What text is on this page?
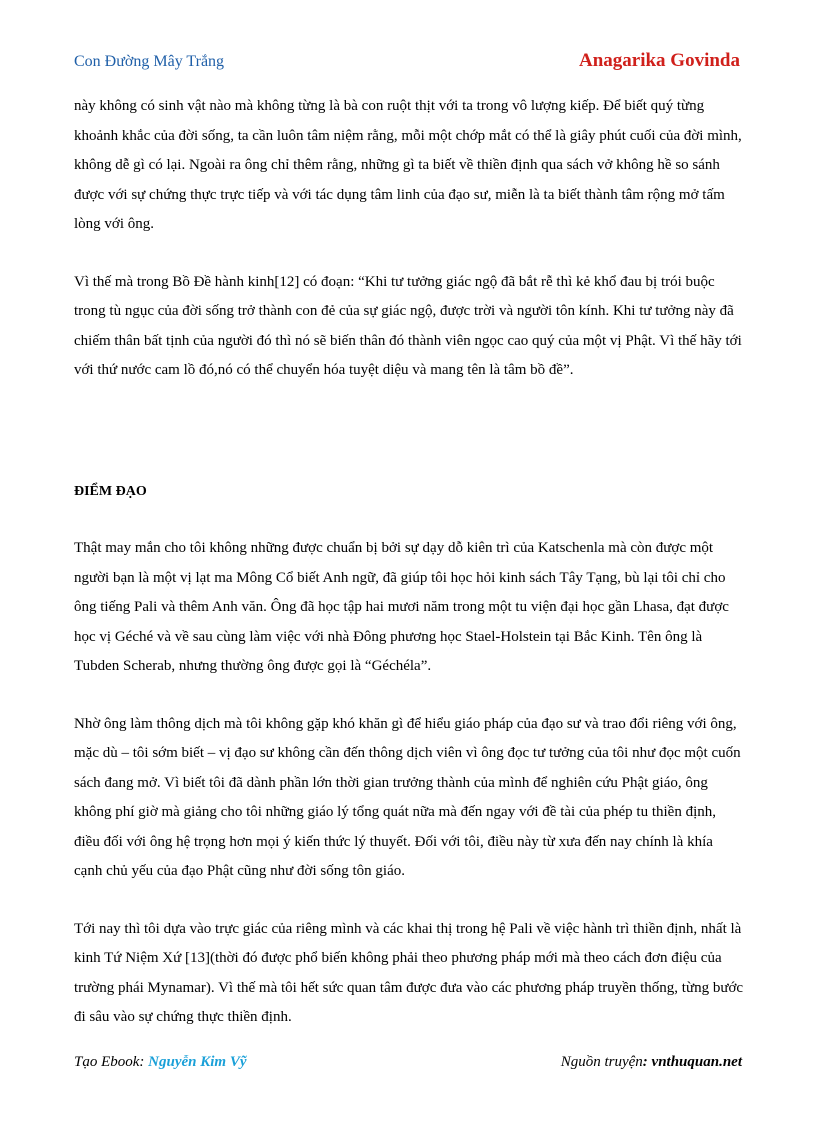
Con Đường Mây Trắng	Anagarika Govinda

này không có sinh vật nào mà không từng là bà con ruột thịt với ta trong vô lượng kiếp. Để biết quý từng khoảnh khắc của đời sống, ta cần luôn tâm niệm rằng, mỗi một chớp mắt có thể là giây phút cuối của đời mình, không dễ gì có lại. Ngoài ra ông chỉ thêm rằng, những gì ta biết về thiền định qua sách vở không hề so sánh được với sự chứng thực trực tiếp và với tác dụng tâm linh của đạo sư, miễn là ta biết thành tâm rộng mở tấm lòng với ông.

Vì thế mà trong Bồ Đề hành kinh[12] có đoạn: “Khi tư tưởng giác ngộ đã bắt rễ thì kẻ khổ đau bị trói buộc trong tù ngục của đời sống trở thành con đẻ của sự giác ngộ, được trời và người tôn kính. Khi tư tưởng này đã chiếm thân bất tịnh của người đó thì nó sẽ biến thân đó thành viên ngọc cao quý của một vị Phật. Vì thế hãy tới với thứ nước cam lồ đó,nó có thể chuyển hóa tuyệt diệu và mang tên là tâm bồ đề”.

ĐIỂM ĐẠO

Thật may mắn cho tôi không những được chuẩn bị bởi sự dạy dỗ kiên trì của Katschenla mà còn được một người bạn là một vị lạt ma Mông Cổ biết Anh ngữ, đã giúp tôi học hỏi kinh sách Tây Tạng, bù lại tôi chỉ cho ông tiếng Pali và thêm Anh văn. Ông đã học tập hai mươi năm trong một tu viện đại học gần Lhasa, đạt được học vị Géché và về sau cùng làm việc với nhà Đông phương học Stael-Holstein tại Bắc Kinh. Tên ông là Tubden Scherab, nhưng thường ông được gọi là “Géchéla”.

Nhờ ông làm thông dịch mà tôi không gặp khó khăn gì để hiểu giáo pháp của đạo sư và trao đổi riêng với ông, mặc dù – tôi sớm biết – vị đạo sư không cần đến thông dịch viên vì ông đọc tư tưởng của tôi như đọc một cuốn sách đang mở. Vì biết tôi đã dành phần lớn thời gian trưởng thành của mình để nghiên cứu Phật giáo, ông không phí giờ mà giảng cho tôi những giáo lý tổng quát nữa mà đến ngay với đề tài của phép tu thiền định, điều đối với ông hệ trọng hơn mọi ý kiến thức lý thuyết. Đối với tôi, điều này từ xưa đến nay chính là khía cạnh chủ yếu của đạo Phật cũng như đời sống tôn giáo.

Tới nay thì tôi dựa vào trực giác của riêng mình và các khai thị trong hệ Pali về việc hành trì thiền định, nhất là kinh Tứ Niệm Xứ [13](thời đó được phổ biến không phải theo phương pháp mới mà theo cách đơn điệu của trường phái Mynamar). Vì thế mà tôi hết sức quan tâm được đưa vào các phương pháp truyền thống, từng bước đi sâu vào sự chứng thực thiền định.

Tạo Ebook: Nguyễn Kim Vỹ	Nguồn truyện: vnthuquan.net
